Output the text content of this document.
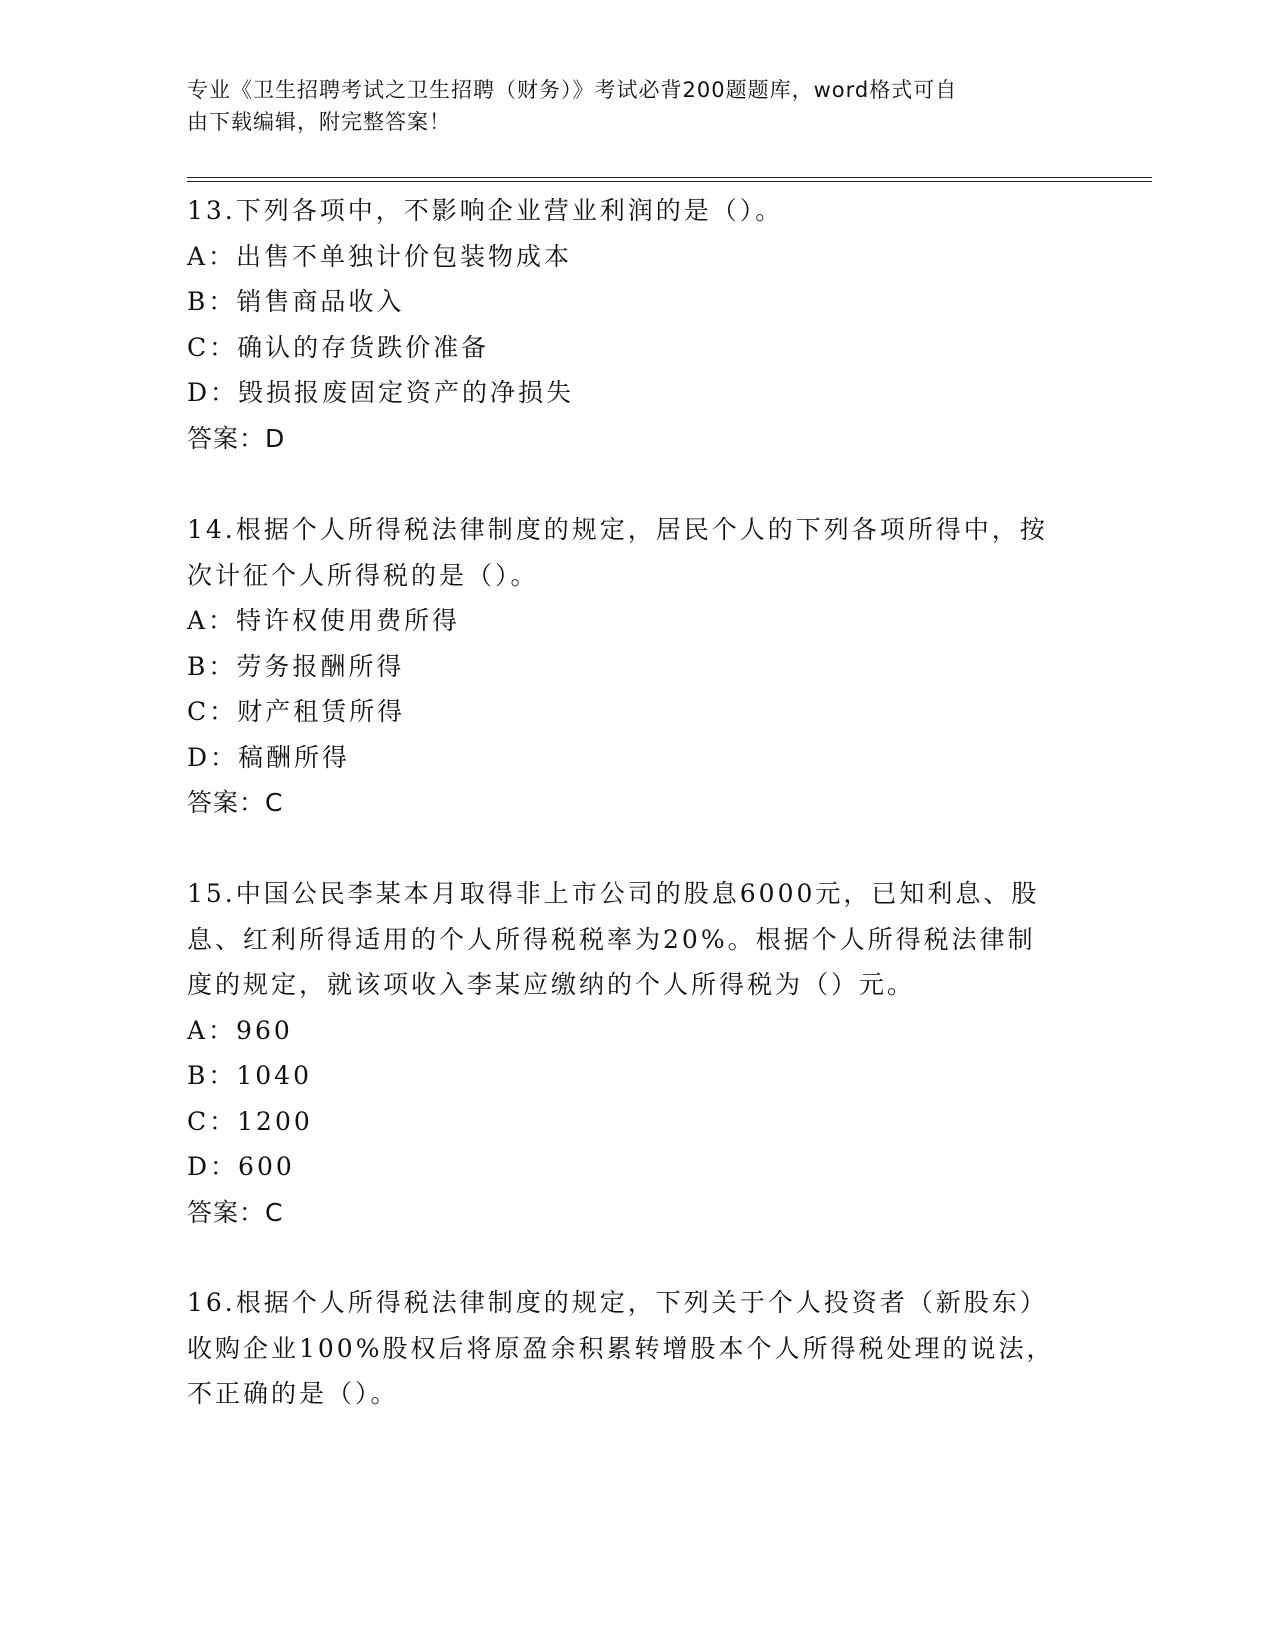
专业《卫生招聘考试之卫生招聘（财务）》考试必背200题题库，word格式可自
由下载编辑，附完整答案！
13.下列各项中，不影响企业营业利润的是（）。
A：出售不单独计价包装物成本
B：销售商品收入
C：确认的存货跌价准备
D：毁损报废固定资产的净损失
答案：D
14.根据个人所得税法律制度的规定，居民个人的下列各项所得中，按
次计征个人所得税的是（）。
A：特许权使用费所得
B：劳务报酬所得
C：财产租赁所得
D：稿酬所得
答案：C
15.中国公民李某本月取得非上市公司的股息6000元，已知利息、股
息、红利所得适用的个人所得税税率为20%。根据个人所得税法律制
度的规定，就该项收入李某应缴纳的个人所得税为（）元。
A：960
B：1040
C：1200
D：600
答案：C
16.根据个人所得税法律制度的规定，下列关于个人投资者（新股东）
收购企业100%股权后将原盈余积累转增股本个人所得税处理的说法，
不正确的是（）。
